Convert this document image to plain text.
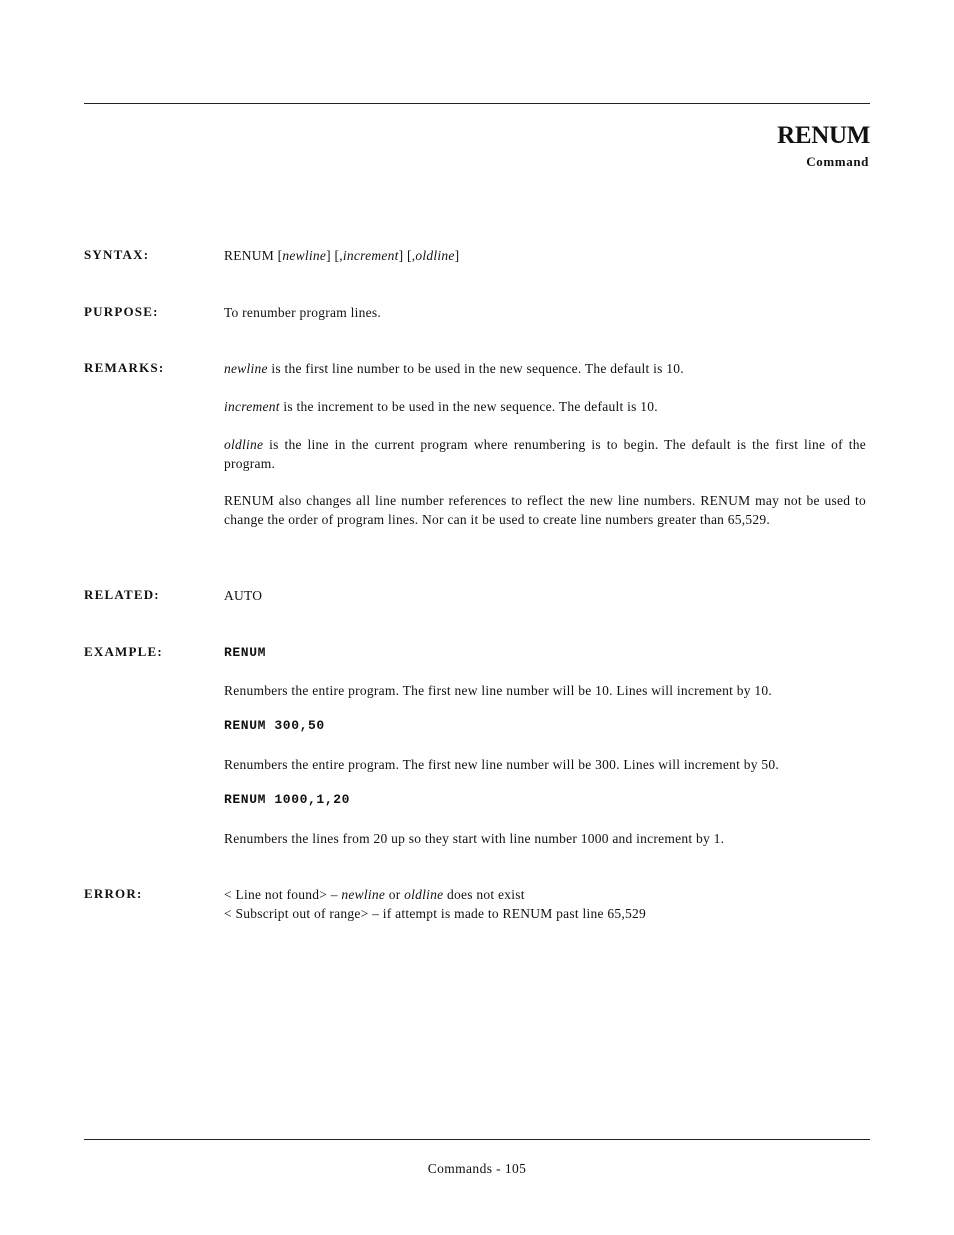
RENUM
Command
SYNTAX:	RENUM [newline] [,increment] [,oldline]
PURPOSE:	To renumber program lines.
REMARKS:	newline is the first line number to be used in the new sequence. The default is 10.
increment is the increment to be used in the new sequence. The default is 10.
oldline is the line in the current program where renumbering is to begin. The default is the first line of the program.
RENUM also changes all line number references to reflect the new line numbers. RENUM may not be used to change the order of program lines. Nor can it be used to create line numbers greater than 65,529.
RELATED:	AUTO
EXAMPLE:	RENUM
Renumbers the entire program. The first new line number will be 10. Lines will increment by 10.
RENUM 300,50
Renumbers the entire program. The first new line number will be 300. Lines will increment by 50.
RENUM 1000,1,20
Renumbers the lines from 20 up so they start with line number 1000 and increment by 1.
ERROR:	< Line not found> – newline or oldline does not exist
< Subscript out of range> – if attempt is made to RENUM past line 65,529
Commands - 105
